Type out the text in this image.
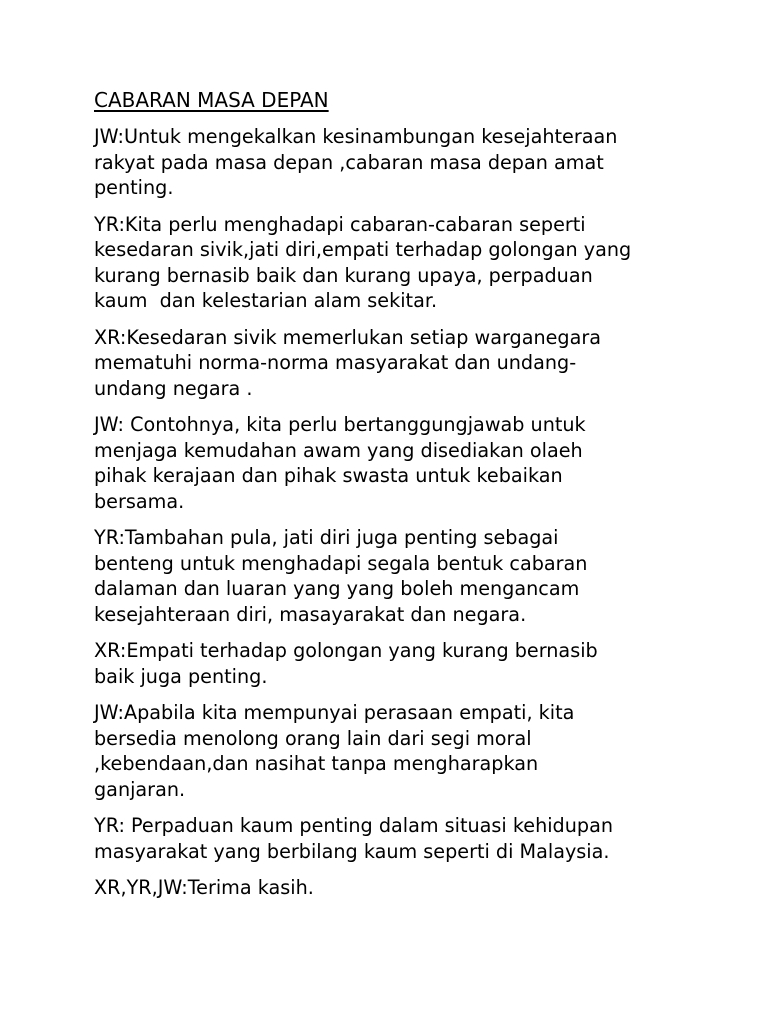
CABARAN MASA DEPAN
JW:Untuk mengekalkan kesinambungan kesejahteraan
rakyat pada masa depan ,cabaran masa depan amat
penting.
YR:Kita perlu menghadapi cabaran-cabaran seperti
kesedaran sivik,jati diri,empati terhadap golongan yang
kurang bernasib baik dan kurang upaya, perpaduan
kaum  dan kelestarian alam sekitar.
XR:Kesedaran sivik memerlukan setiap warganegara
mematuhi norma-norma masyarakat dan undang-
undang negara .
JW: Contohnya, kita perlu bertanggungjawab untuk
menjaga kemudahan awam yang disediakan olaeh
pihak kerajaan dan pihak swasta untuk kebaikan
bersama.
YR:Tambahan pula, jati diri juga penting sebagai
benteng untuk menghadapi segala bentuk cabaran
dalaman dan luaran yang yang boleh mengancam
kesejahteraan diri, masayarakat dan negara.
XR:Empati terhadap golongan yang kurang bernasib
baik juga penting.
JW:Apabila kita mempunyai perasaan empati, kita
bersedia menolong orang lain dari segi moral
,kebendaan,dan nasihat tanpa mengharapkan
ganjaran.
YR: Perpaduan kaum penting dalam situasi kehidupan
masyarakat yang berbilang kaum seperti di Malaysia.
XR,YR,JW:Terima kasih.
